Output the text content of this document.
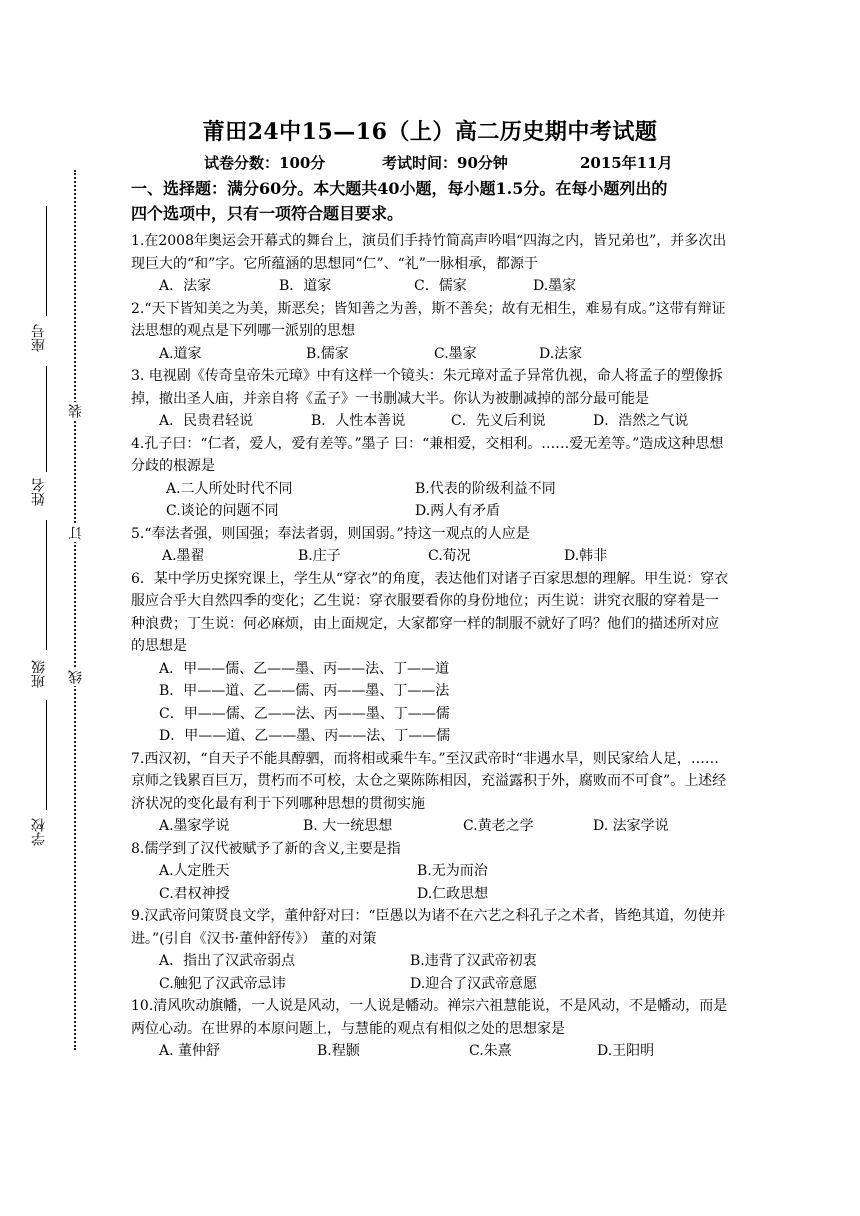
装
订
线
座号
姓名
班级
学校
莆田24中15—16（上）高二历史期中考试题
试卷分数：100分	考试时间：90分钟	2015年11月
一、选择题：满分60分。本大题共40小题，每小题1.5分。在每小题列出的
四个选项中，只有一项符合题目要求。

1.在2008年奥运会开幕式的舞台上，演员们手持竹简高声吟唱“四海之内，皆兄弟也”，并多次出现巨大的“和”字。它所蕴涵的思想同“仁”、“礼”一脉相承，都源于

A．法家	B．道家	C．儒家	D.墨家

2.“天下皆知美之为美，斯恶矣；皆知善之为善，斯不善矣；故有无相生，难易有成。”这带有辩证法思想的观点是下列哪一派别的思想

A.道家	B.儒家	C.墨家	D.法家

3. 电视剧《传奇皇帝朱元璋》中有这样一个镜头：朱元璋对孟子异常仇视，命人将孟子的塑像拆掉，撤出圣人庙，并亲自将《孟子》一书删减大半。你认为被删减掉的部分最可能是

A．民贵君轻说	B．人性本善说	C．先义后利说	D．浩然之气说

4.孔子曰：“仁者，爱人，爱有差等。”墨子 曰：“兼相爱，交相利。……爱无差等。”造成这种思想分歧的根源是

A.二人所处时代不同	B.代表的阶级利益不同
C.谈论的问题不同	D.两人有矛盾

5.“奉法者强，则国强；奉法者弱，则国弱。”持这一观点的人应是

A.墨翟	B.庄子	C.荀况	D.韩非

6．某中学历史探究课上，学生从“穿衣”的角度，表达他们对诸子百家思想的理解。甲生说：穿衣服应合乎大自然四季的变化；乙生说：穿衣服要看你的身份地位；丙生说：讲究衣服的穿着是一种浪费；丁生说：何必麻烦，由上面规定，大家都穿一样的制服不就好了吗？他们的描述所对应的思想是

A．甲——儒、乙——墨、丙——法、丁——道
B．甲——道、乙——儒、丙——墨、丁——法
C．甲——儒、乙——法、丙——墨、丁——儒
D．甲——道、乙——墨、丙——法、丁——儒

7.西汉初，“自天子不能具醇驷，而将相或乘牛车。”至汉武帝时“非遇水旱，则民家给人足，……京师之钱累百巨万，贯朽而不可校，太仓之粟陈陈相因，充溢露积于外，腐败而不可食”。上述经济状况的变化最有利于下列哪种思想的贯彻实施

A.墨家学说	B. 大一统思想	C.黄老之学	D. 法家学说

8.儒学到了汉代被赋予了新的含义,主要是指

A.人定胜天	B.无为而治
C.君权神授	D.仁政思想

9.汉武帝问策贤良文学，董仲舒对曰：“臣愚以为诸不在六艺之科孔子之术者，皆绝其道，勿使并进。”(引自《汉书·董仲舒传》） 董的对策

A．指出了汉武帝弱点	B.违背了汉武帝初衷
C.触犯了汉武帝忌讳	D.迎合了汉武帝意愿

10.清风吹动旗幡，一人说是风动，一人说是幡动。禅宗六祖慧能说，不是风动，不是幡动，而是两位心动。在世界的本原问题上，与慧能的观点有相似之处的思想家是

A. 董仲舒	B.程颢	C.朱熹	D.王阳明
